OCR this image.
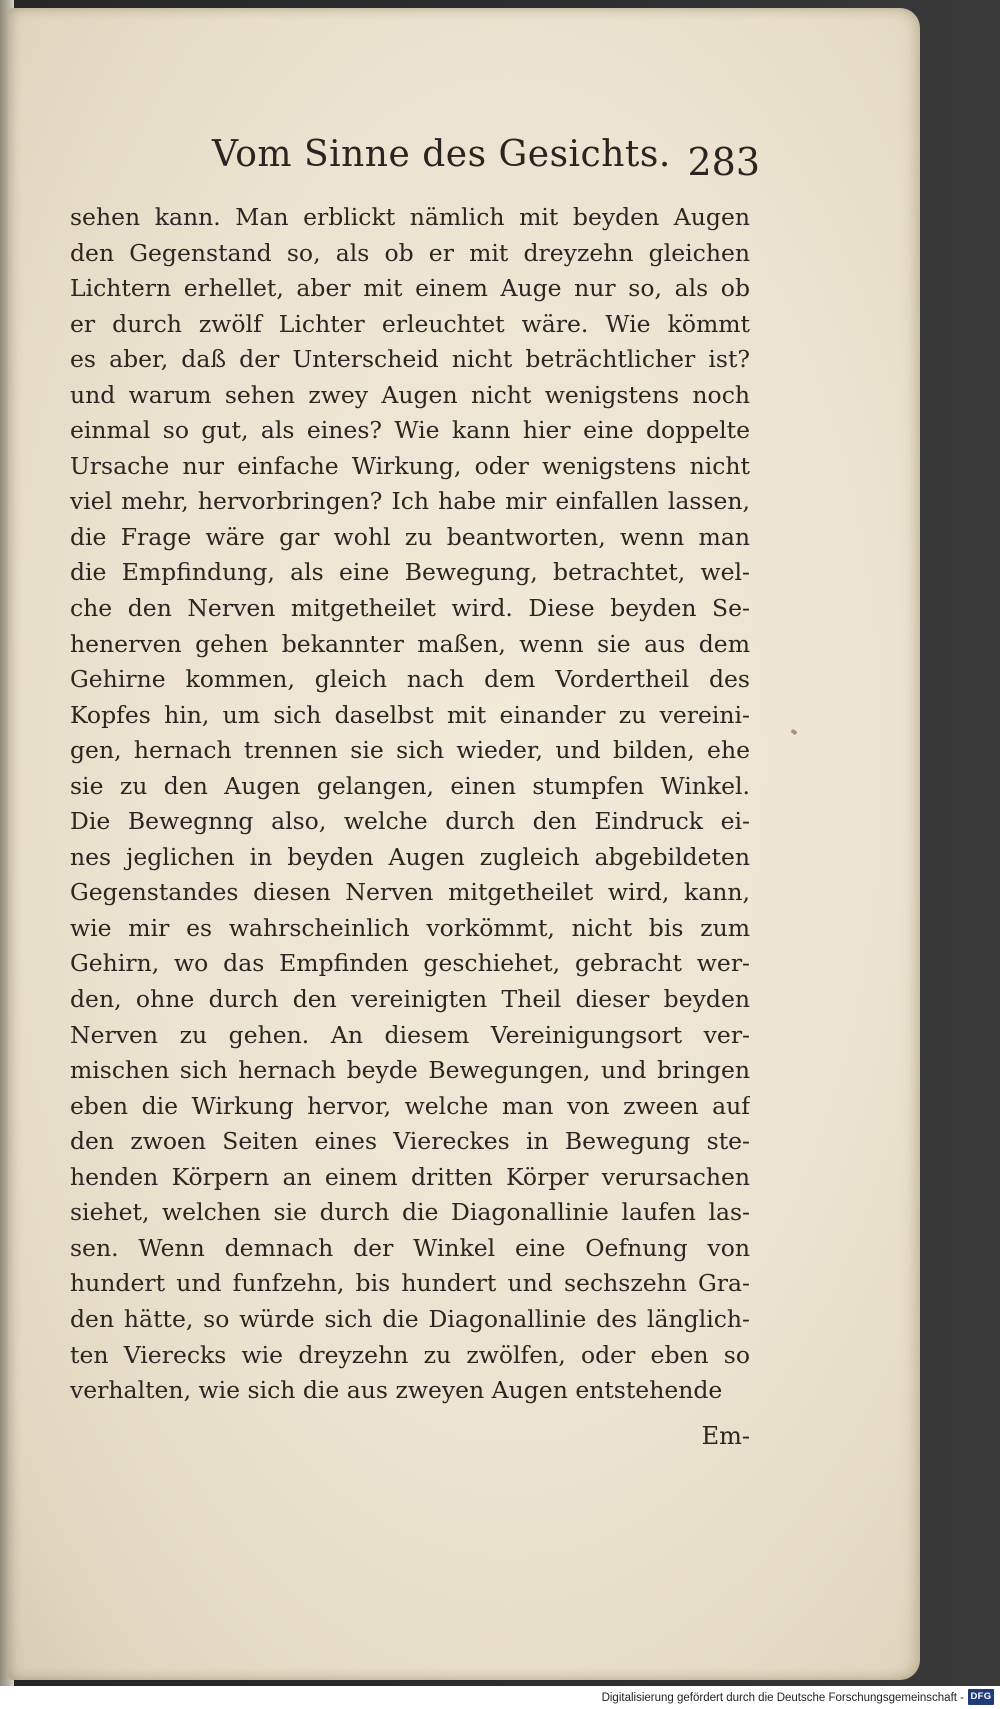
Vom Sinne des Gesichts. 283
sehen kann. Man erblickt nämlich mit beyden Augen
den Gegenstand so, als ob er mit dreyzehn gleichen
Lichtern erhellet, aber mit einem Auge nur so, als ob
er durch zwölf Lichter erleuchtet wäre. Wie kömmt
es aber, daß der Unterscheid nicht beträchtlicher ist?
und warum sehen zwey Augen nicht wenigstens noch
einmal so gut, als eines? Wie kann hier eine doppelte
Ursache nur einfache Wirkung, oder wenigstens nicht
viel mehr, hervorbringen? Ich habe mir einfallen lassen,
die Frage wäre gar wohl zu beantworten, wenn man
die Empfindung, als eine Bewegung, betrachtet, wel-
che den Nerven mitgetheilet wird. Diese beyden Se-
henerven gehen bekannter maßen, wenn sie aus dem
Gehirne kommen, gleich nach dem Vordertheil des
Kopfes hin, um sich daselbst mit einander zu vereini-
gen, hernach trennen sie sich wieder, und bilden, ehe
sie zu den Augen gelangen, einen stumpfen Winkel.
Die Bewegnng also, welche durch den Eindruck ei-
nes jeglichen in beyden Augen zugleich abgebildeten
Gegenstandes diesen Nerven mitgetheilet wird, kann,
wie mir es wahrscheinlich vorkömmt, nicht bis zum
Gehirn, wo das Empfinden geschiehet, gebracht wer-
den, ohne durch den vereinigten Theil dieser beyden
Nerven zu gehen. An diesem Vereinigungsort ver-
mischen sich hernach beyde Bewegungen, und bringen
eben die Wirkung hervor, welche man von zween auf
den zwoen Seiten eines Viereckes in Bewegung ste-
henden Körpern an einem dritten Körper verursachen
siehet, welchen sie durch die Diagonallinie laufen las-
sen. Wenn demnach der Winkel eine Oefnung von
hundert und funfzehn, bis hundert und sechszehn Gra-
den hätte, so würde sich die Diagonallinie des länglich-
ten Vierecks wie dreyzehn zu zwölfen, oder eben so
verhalten, wie sich die aus zweyen Augen entstehende
Em-
Digitalisierung gefördert durch die Deutsche Forschungsgemeinschaft - DFG
